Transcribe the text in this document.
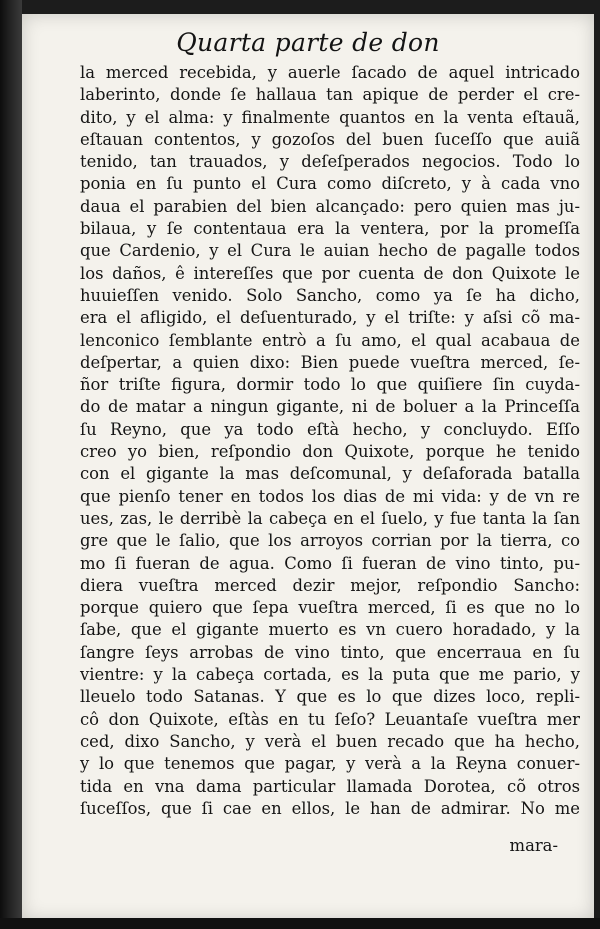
Quarta parte de don
la merced recebida, y auerle ſacado de aquel intricado
laberinto, donde ſe hallaua tan apique de perder el cre-
dito, y el alma: y finalmente quantos en la venta eſtauã,
eſtauan contentos, y gozoſos del buen ſuceſſo que auiã
tenido, tan trauados, y deſeſperados negocios. Todo lo
ponia en ſu punto el Cura como diſcreto, y à cada vno
daua el parabien del bien alcançado: pero quien mas ju-
bilaua, y ſe contentaua era la ventera, por la promeſſa
que Cardenio, y el Cura le auian hecho de pagalle todos
los daños, ê intereſſes que por cuenta de don Quixote le
huuieſſen venido. Solo Sancho, como ya ſe ha dicho,
era el afligido, el deſuenturado, y el triſte: y aſsi cõ ma-
lenconico ſemblante entrò a ſu amo, el qual acabaua de
deſpertar, a quien dixo: Bien puede vueſtra merced, ſe-
ñor triſte figura, dormir todo lo que quiſiere ſin cuyda-
do de matar a ningun gigante, ni de boluer a la Princeſſa
ſu Reyno, que ya todo eſtà hecho, y concluydo. Eſſo
creo yo bien, reſpondio don Quixote, porque he tenido
con el gigante la mas deſcomunal, y deſaforada batalla
que pienſo tener en todos los dias de mi vida: y de vn re
ues, zas, le derribè la cabeça en el ſuelo, y fue tanta la ſan
gre que le ſalio, que los arroyos corrian por la tierra, co
mo ſi fueran de agua. Como ſi fueran de vino tinto, pu-
diera vueſtra merced dezir mejor, reſpondio Sancho:
porque quiero que ſepa vueſtra merced, ſi es que no lo
ſabe, que el gigante muerto es vn cuero horadado, y la
ſangre ſeys arrobas de vino tinto, que encerraua en ſu
vientre: y la cabeça cortada, es la puta que me pario, y
lleuelo todo Satanas. Y que es lo que dizes loco, repli-
cô don Quixote, eſtàs en tu ſeſo? Leuantaſe vueſtra mer
ced, dixo Sancho, y verà el buen recado que ha hecho,
y lo que tenemos que pagar, y verà a la Reyna conuer-
tida en vna dama particular llamada Dorotea, cõ otros
ſuceſſos, que ſi cae en ellos, le han de admirar. No me
mara-
